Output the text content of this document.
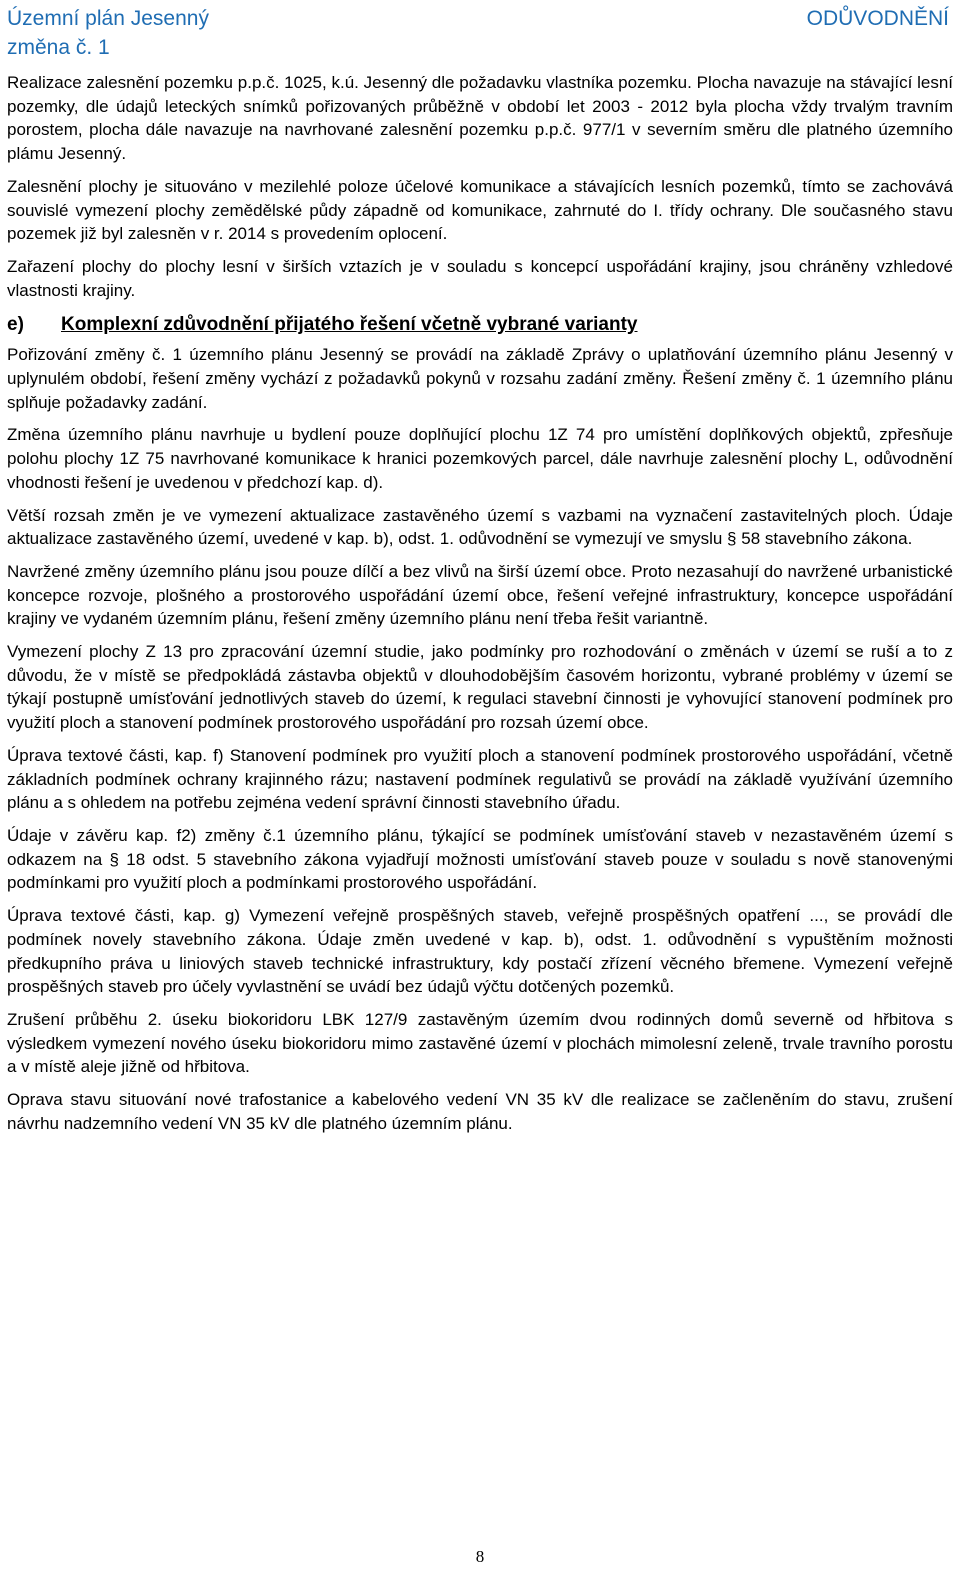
Územní plán Jesenný
změna č. 1
ODŮVODNĚNÍ

Realizace zalesnění pozemku p.p.č. 1025, k.ú. Jesenný dle požadavku vlastníka pozemku. Plocha navazuje na stávající lesní pozemky, dle údajů leteckých snímků pořizovaných průběžně v období let 2003 - 2012 byla plocha vždy trvalým travním porostem, plocha dále navazuje na navrhované zalesnění pozemku p.p.č. 977/1 v severním směru dle platného územního plámu Jesenný.

Zalesnění plochy je situováno v mezilehlé poloze účelové komunikace a stávajících lesních pozemků, tímto se zachovává souvislé vymezení plochy zemědělské půdy západně od komunikace, zahrnuté do I. třídy ochrany. Dle současného stavu pozemek již byl zalesněn v r. 2014 s provedením oplocení.

Zařazení plochy do plochy lesní v širších vztazích je v souladu s koncepcí uspořádání krajiny, jsou chráněny vzhledové vlastnosti krajiny.

e)	Komplexní zdůvodnění přijatého řešení včetně vybrané varianty

Pořizování změny č. 1 územního plánu Jesenný se provádí na základě Zprávy o uplatňování územního plánu Jesenný v uplynulém období, řešení změny vychází z požadavků pokynů v rozsahu zadání změny. Řešení změny č. 1 územního plánu splňuje požadavky zadání.

Změna územního plánu navrhuje u bydlení pouze doplňující plochu 1Z 74 pro umístění doplňkových objektů, zpřesňuje polohu plochy 1Z 75 navrhované komunikace k hranici pozemkových parcel, dále navrhuje zalesnění plochy L, odůvodnění vhodnosti řešení je uvedenou v předchozí kap. d).

Větší rozsah změn je ve vymezení aktualizace zastavěného území s vazbami na vyznačení zastavitelných ploch. Údaje aktualizace zastavěného území, uvedené v kap. b), odst. 1. odůvodnění se vymezují ve smyslu § 58 stavebního zákona.

Navržené změny územního plánu jsou pouze dílčí a bez vlivů na širší území obce. Proto nezasahují do navržené urbanistické koncepce rozvoje, plošného a prostorového uspořádání území obce, řešení veřejné infrastruktury, koncepce uspořádání krajiny ve vydaném územním plánu, řešení změny územního plánu není třeba řešit variantně.

Vymezení plochy Z 13 pro zpracování územní studie, jako podmínky pro rozhodování o změnách v území se ruší a to z důvodu, že v místě se předpokládá zástavba objektů v dlouhodobějším časovém horizontu, vybrané problémy v území se týkají postupně umísťování jednotlivých staveb do území, k regulaci stavební činnosti je vyhovující stanovení podmínek pro využití ploch a stanovení podmínek prostorového uspořádání pro rozsah území obce.

Úprava textové části, kap. f) Stanovení podmínek pro využití ploch a stanovení podmínek prostorového uspořádání, včetně základních podmínek ochrany krajinného rázu; nastavení podmínek regulativů se provádí na základě využívání územního plánu a s ohledem na potřebu zejména vedení správní činnosti stavebního úřadu.

Údaje v závěru kap. f2) změny č.1 územního plánu, týkající se podmínek umísťování staveb v nezastavěném území s odkazem na § 18 odst. 5 stavebního zákona vyjadřují možnosti umísťování staveb pouze v souladu s nově stanovenými podmínkami pro využití ploch a podmínkami prostorového uspořádání.

Úprava textové části, kap. g) Vymezení veřejně prospěšných staveb, veřejně prospěšných opatření ..., se provádí dle podmínek novely stavebního zákona. Údaje změn uvedené v kap. b), odst. 1. odůvodnění s vypuštěním možnosti předkupního práva u liniových staveb technické infrastruktury, kdy postačí zřízení věcného břemene. Vymezení veřejně prospěšných staveb pro účely vyvlastnění se uvádí bez údajů výčtu dotčených pozemků.

Zrušení průběhu 2. úseku biokoridoru LBK 127/9 zastavěným územím dvou rodinných domů severně od hřbitova s výsledkem vymezení nového úseku biokoridoru mimo zastavěné území v plochách mimolesní zeleně, trvale travního porostu a v místě aleje jižně od hřbitova.

Oprava stavu situování nové trafostanice a kabelového vedení VN 35 kV dle realizace se začleněním do stavu, zrušení návrhu nadzemního vedení VN 35 kV dle platného územním plánu.

8
